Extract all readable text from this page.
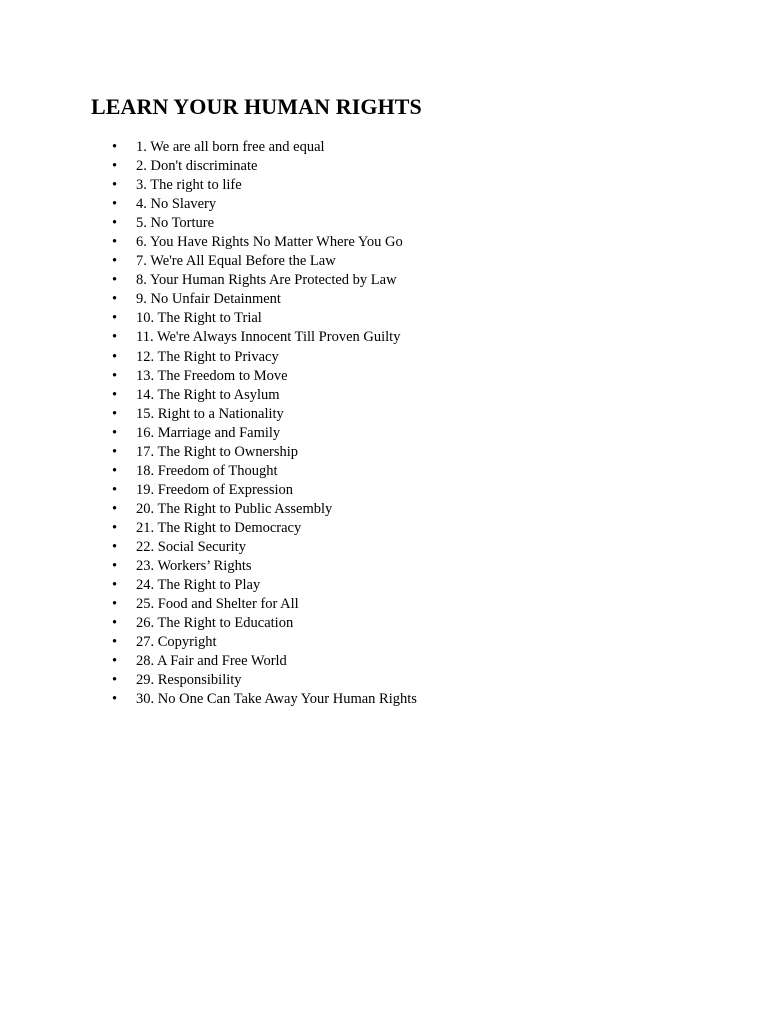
LEARN YOUR HUMAN RIGHTS
• 1. We are all born free and equal
• 2. Don't discriminate
• 3. The right to life
• 4. No Slavery
• 5. No Torture
• 6. You Have Rights No Matter Where You Go
• 7. We're All Equal Before the Law
• 8. Your Human Rights Are Protected by Law
• 9. No Unfair Detainment
• 10. The Right to Trial
• 11. We're Always Innocent Till Proven Guilty
• 12. The Right to Privacy
• 13. The Freedom to Move
• 14. The Right to Asylum
• 15. Right to a Nationality
• 16. Marriage and Family
• 17. The Right to Ownership
• 18. Freedom of Thought
• 19. Freedom of Expression
• 20. The Right to Public Assembly
• 21. The Right to Democracy
• 22. Social Security
• 23. Workers’ Rights
• 24. The Right to Play
• 25. Food and Shelter for All
• 26. The Right to Education
• 27. Copyright
• 28. A Fair and Free World
• 29. Responsibility
• 30. No One Can Take Away Your Human Rights
